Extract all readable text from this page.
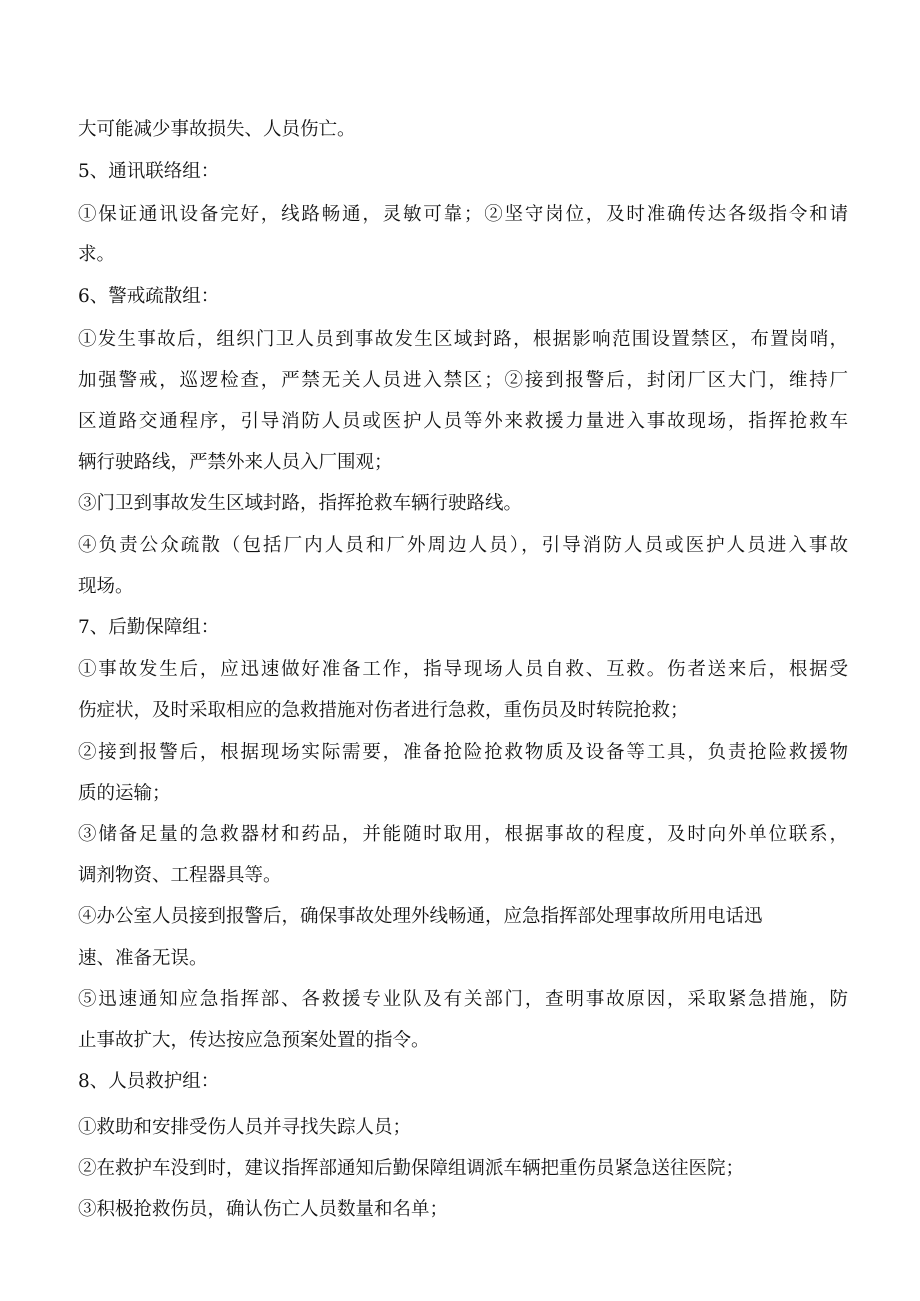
大可能减少事故损失、人员伤亡。
5、通讯联络组：
①保证通讯设备完好，线路畅通，灵敏可靠；②坚守岗位，及时准确传达各级指令和请
求。
6、警戒疏散组：
①发生事故后，组织门卫人员到事故发生区域封路，根据影响范围设置禁区，布置岗哨，
加强警戒，巡逻检查，严禁无关人员进入禁区；②接到报警后，封闭厂区大门，维持厂
区道路交通程序，引导消防人员或医护人员等外来救援力量进入事故现场，指挥抢救车
辆行驶路线，严禁外来人员入厂围观；
③门卫到事故发生区域封路，指挥抢救车辆行驶路线。
④负责公众疏散（包括厂内人员和厂外周边人员），引导消防人员或医护人员进入事故
现场。
7、后勤保障组：
①事故发生后，应迅速做好准备工作，指导现场人员自救、互救。伤者送来后，根据受
伤症状，及时采取相应的急救措施对伤者进行急救，重伤员及时转院抢救；
②接到报警后，根据现场实际需要，准备抢险抢救物质及设备等工具，负责抢险救援物
质的运输；
③储备足量的急救器材和药品，并能随时取用，根据事故的程度，及时向外单位联系，
调剂物资、工程器具等。
④办公室人员接到报警后，确保事故处理外线畅通，应急指挥部处理事故所用电话迅
速、准备无误。
⑤迅速通知应急指挥部、各救援专业队及有关部门，查明事故原因，采取紧急措施，防
止事故扩大，传达按应急预案处置的指令。
8、人员救护组：
①救助和安排受伤人员并寻找失踪人员；
②在救护车没到时，建议指挥部通知后勤保障组调派车辆把重伤员紧急送往医院；
③积极抢救伤员，确认伤亡人员数量和名单；
